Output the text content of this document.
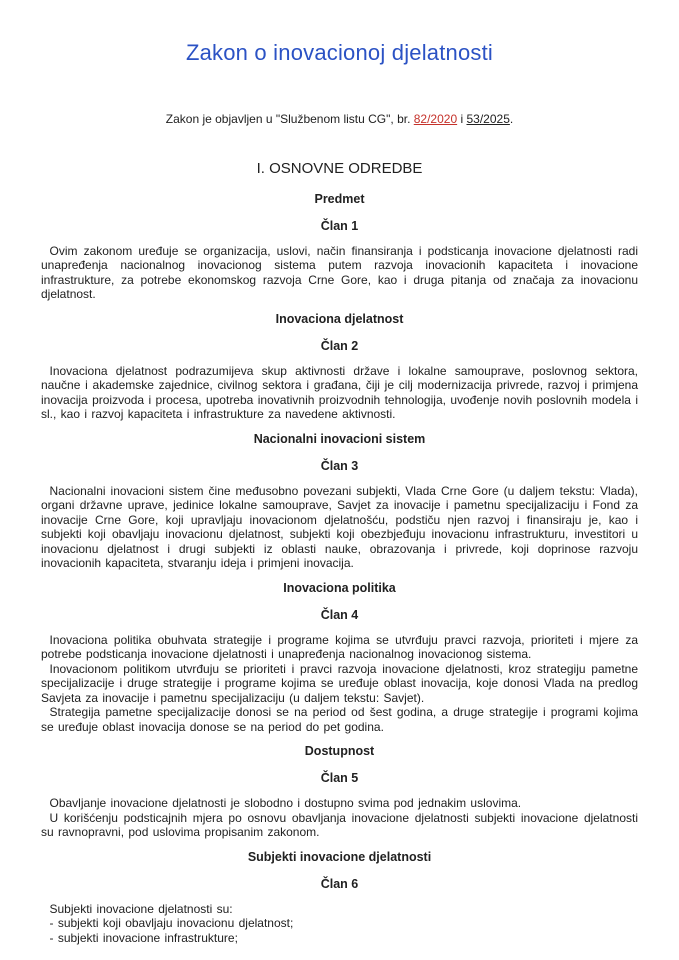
Zakon o inovacionoj djelatnosti

Zakon je objavljen u "Službenom listu CG", br. 82/2020 i 53/2025.

I. OSNOVNE ODREDBE
Predmet
Član 1

Ovim zakonom uređuje se organizacija, uslovi, način finansiranja i podsticanja inovacione djelatnosti radi unapređenja nacionalnog inovacionog sistema putem razvoja inovacionih kapaciteta i inovacione infrastrukture, za potrebe ekonomskog razvoja Crne Gore, kao i druga pitanja od značaja za inovacionu djelatnost.

Inovaciona djelatnost
Član 2

Inovaciona djelatnost podrazumijeva skup aktivnosti države i lokalne samouprave, poslovnog sektora, naučne i akademske zajednice, civilnog sektora i građana, čiji je cilj modernizacija privrede, razvoj i primjena inovacija proizvoda i procesa, upotreba inovativnih proizvodnih tehnologija, uvođenje novih poslovnih modela i sl., kao i razvoj kapaciteta i infrastrukture za navedene aktivnosti.

Nacionalni inovacioni sistem
Član 3

Nacionalni inovacioni sistem čine međusobno povezani subjekti, Vlada Crne Gore (u daljem tekstu: Vlada), organi državne uprave, jedinice lokalne samouprave, Savjet za inovacije i pametnu specijalizaciju i Fond za inovacije Crne Gore, koji upravljaju inovacionom djelatnošću, podstiču njen razvoj i finansiraju je, kao i subjekti koji obavljaju inovacionu djelatnost, subjekti koji obezbjeđuju inovacionu infrastrukturu, investitori u inovacionu djelatnost i drugi subjekti iz oblasti nauke, obrazovanja i privrede, koji doprinose razvoju inovacionih kapaciteta, stvaranju ideja i primjeni inovacija.

Inovaciona politika
Član 4

Inovaciona politika obuhvata strategije i programe kojima se utvrđuju pravci razvoja, prioriteti i mjere za potrebe podsticanja inovacione djelatnosti i unapređenja nacionalnog inovacionog sistema.

Inovacionom politikom utvrđuju se prioriteti i pravci razvoja inovacione djelatnosti, kroz strategiju pametne specijalizacije i druge strategije i programe kojima se uređuje oblast inovacija, koje donosi Vlada na predlog Savjeta za inovacije i pametnu specijalizaciju (u daljem tekstu: Savjet).

Strategija pametne specijalizacije donosi se na period od šest godina, a druge strategije i programi kojima se uređuje oblast inovacija donose se na period do pet godina.

Dostupnost
Član 5

Obavljanje inovacione djelatnosti je slobodno i dostupno svima pod jednakim uslovima.

U korišćenju podsticajnih mjera po osnovu obavljanja inovacione djelatnosti subjekti inovacione djelatnosti su ravnopravni, pod uslovima propisanim zakonom.

Subjekti inovacione djelatnosti
Član 6

Subjekti inovacione djelatnosti su:

- subjekti koji obavljaju inovacionu djelatnost;

- subjekti inovacione infrastrukture;
